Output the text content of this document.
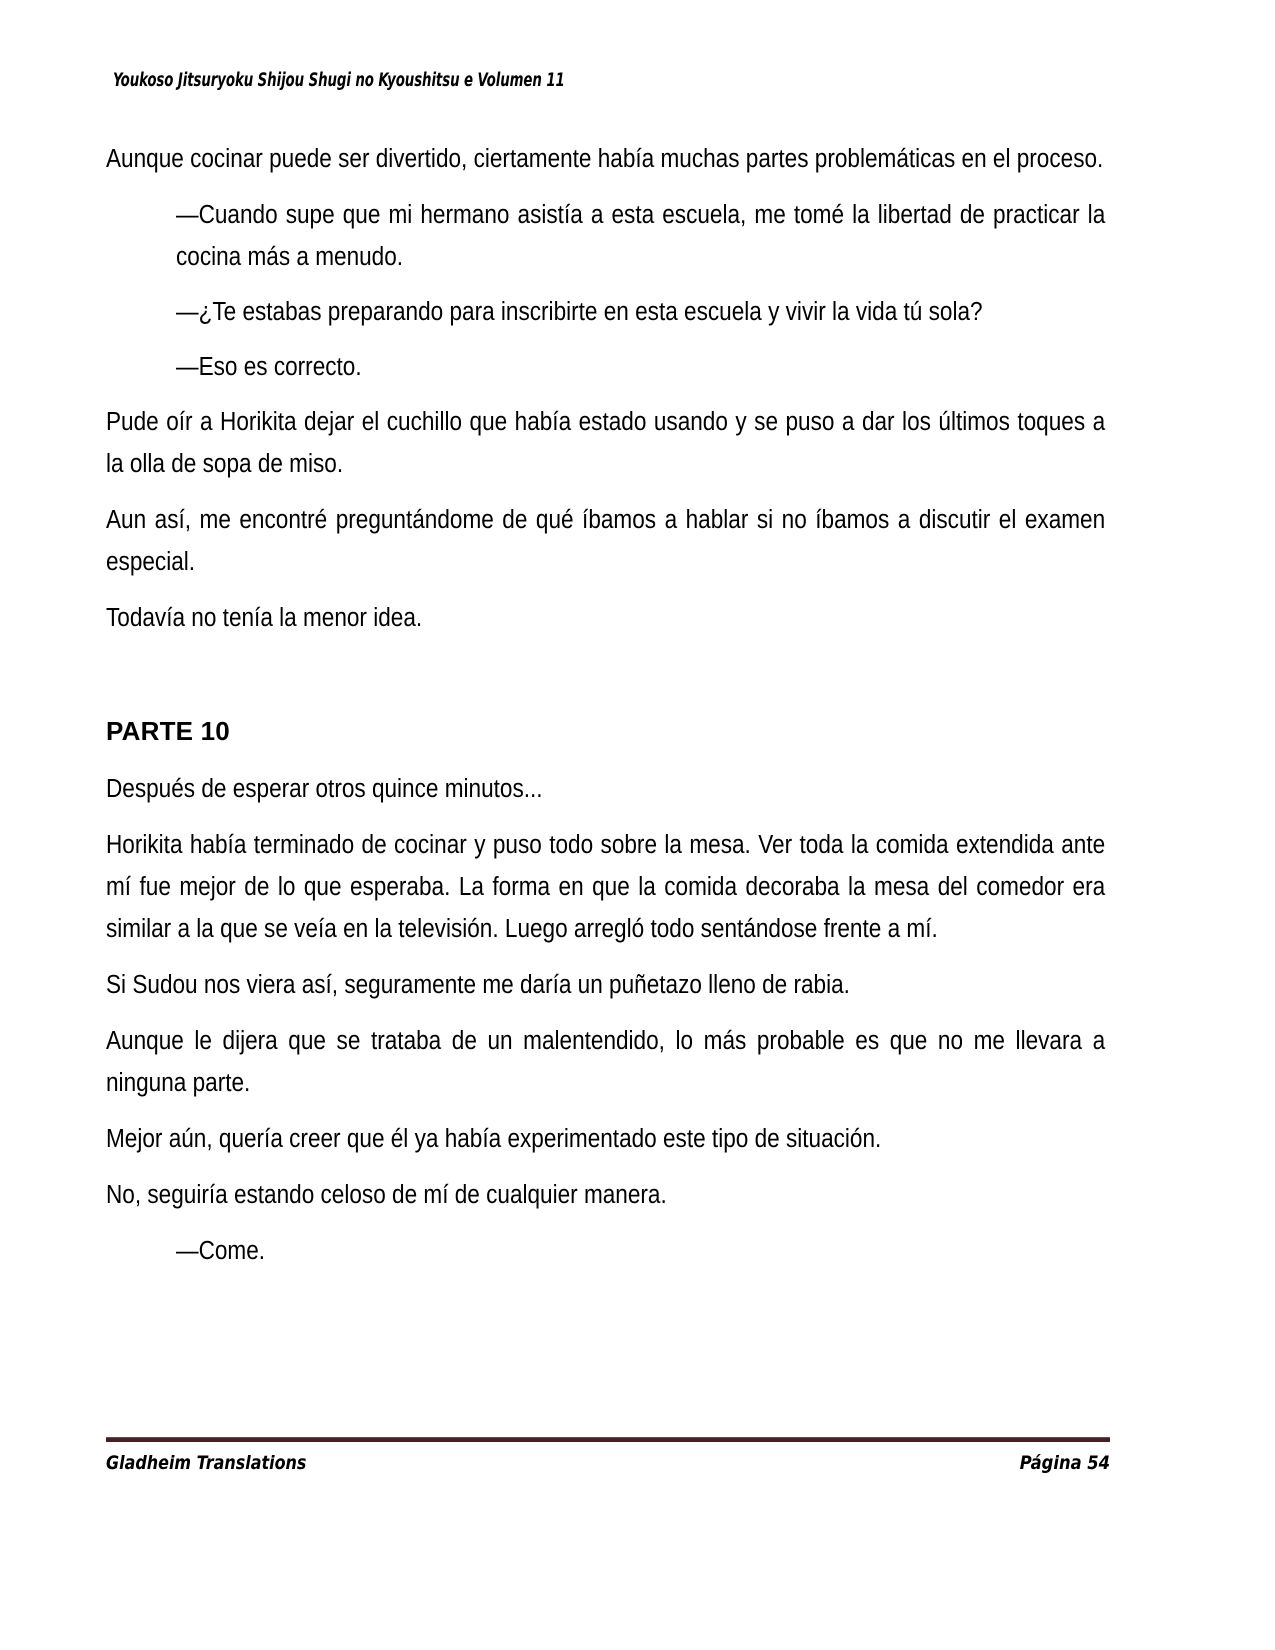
Youkoso Jitsuryoku Shijou Shugi no Kyoushitsu e Volumen 11

Aunque cocinar puede ser divertido, ciertamente había muchas partes problemáticas en el proceso.

—Cuando supe que mi hermano asistía a esta escuela, me tomé la libertad de practicar la cocina más a menudo.

—¿Te estabas preparando para inscribirte en esta escuela y vivir la vida tú sola?

—Eso es correcto.

Pude oír a Horikita dejar el cuchillo que había estado usando y se puso a dar los últimos toques a la olla de sopa de miso.

Aun así, me encontré preguntándome de qué íbamos a hablar si no íbamos a discutir el examen especial.

Todavía no tenía la menor idea.

PARTE 10

Después de esperar otros quince minutos...

Horikita había terminado de cocinar y puso todo sobre la mesa. Ver toda la comida extendida ante mí fue mejor de lo que esperaba. La forma en que la comida decoraba la mesa del comedor era similar a la que se veía en la televisión. Luego arregló todo sentándose frente a mí.

Si Sudou nos viera así, seguramente me daría un puñetazo lleno de rabia.

Aunque le dijera que se trataba de un malentendido, lo más probable es que no me llevara a ninguna parte.

Mejor aún, quería creer que él ya había experimentado este tipo de situación.

No, seguiría estando celoso de mí de cualquier manera.

—Come.

Gladheim Translations	Página 54
